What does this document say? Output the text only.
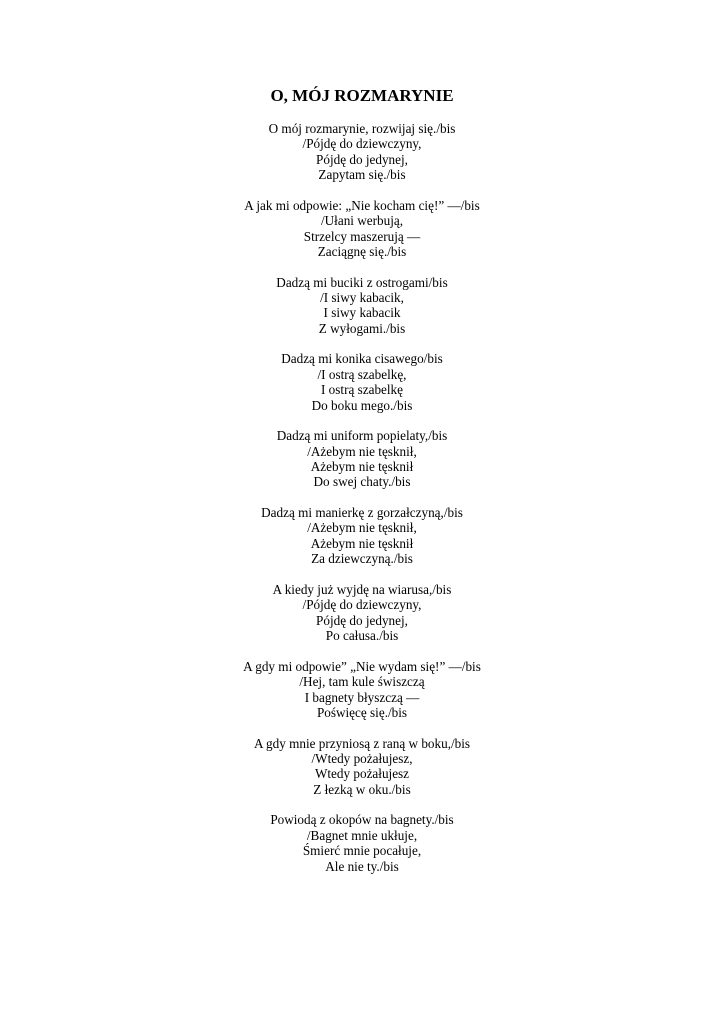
O, MÓJ ROZMARYNIE
O mój rozmarynie, rozwijaj się./bis
/Pójdę do dziewczyny,
Pójdę do jedynej,
Zapytam się./bis
A jak mi odpowie: „Nie kocham cię!” —/bis
/Ułani werbują,
Strzelcy maszerują —
Zaciągnę się./bis
Dadzą mi buciki z ostrogami/bis
/I siwy kabacik,
I siwy kabacik
Z wyłogami./bis
Dadzą mi konika cisawego/bis
/I ostrą szabelkę,
I ostrą szabelkę
Do boku mego./bis
Dadzą mi uniform popielaty,/bis
/Ażebym nie tęsknił,
Ażebym nie tęsknił
Do swej chaty./bis
Dadzą mi manierkę z gorzałczyną,/bis
/Ażebym nie tęsknił,
Ażebym nie tęsknił
Za dziewczyną./bis
A kiedy już wyjdę na wiarusa,/bis
/Pójdę do dziewczyny,
Pójdę do jedynej,
Po całusa./bis
A gdy mi odpowie” „Nie wydam się!” —/bis
/Hej, tam kule świszczą
I bagnety błyszczą —
Poświęcę się./bis
A gdy mnie przyniosą z raną w boku,/bis
/Wtedy pożałujesz,
Wtedy pożałujesz
Z łezką w oku./bis
Powiodą z okopów na bagnety./bis
/Bagnet mnie ukłuje,
Śmierć mnie pocałuje,
Ale nie ty./bis
